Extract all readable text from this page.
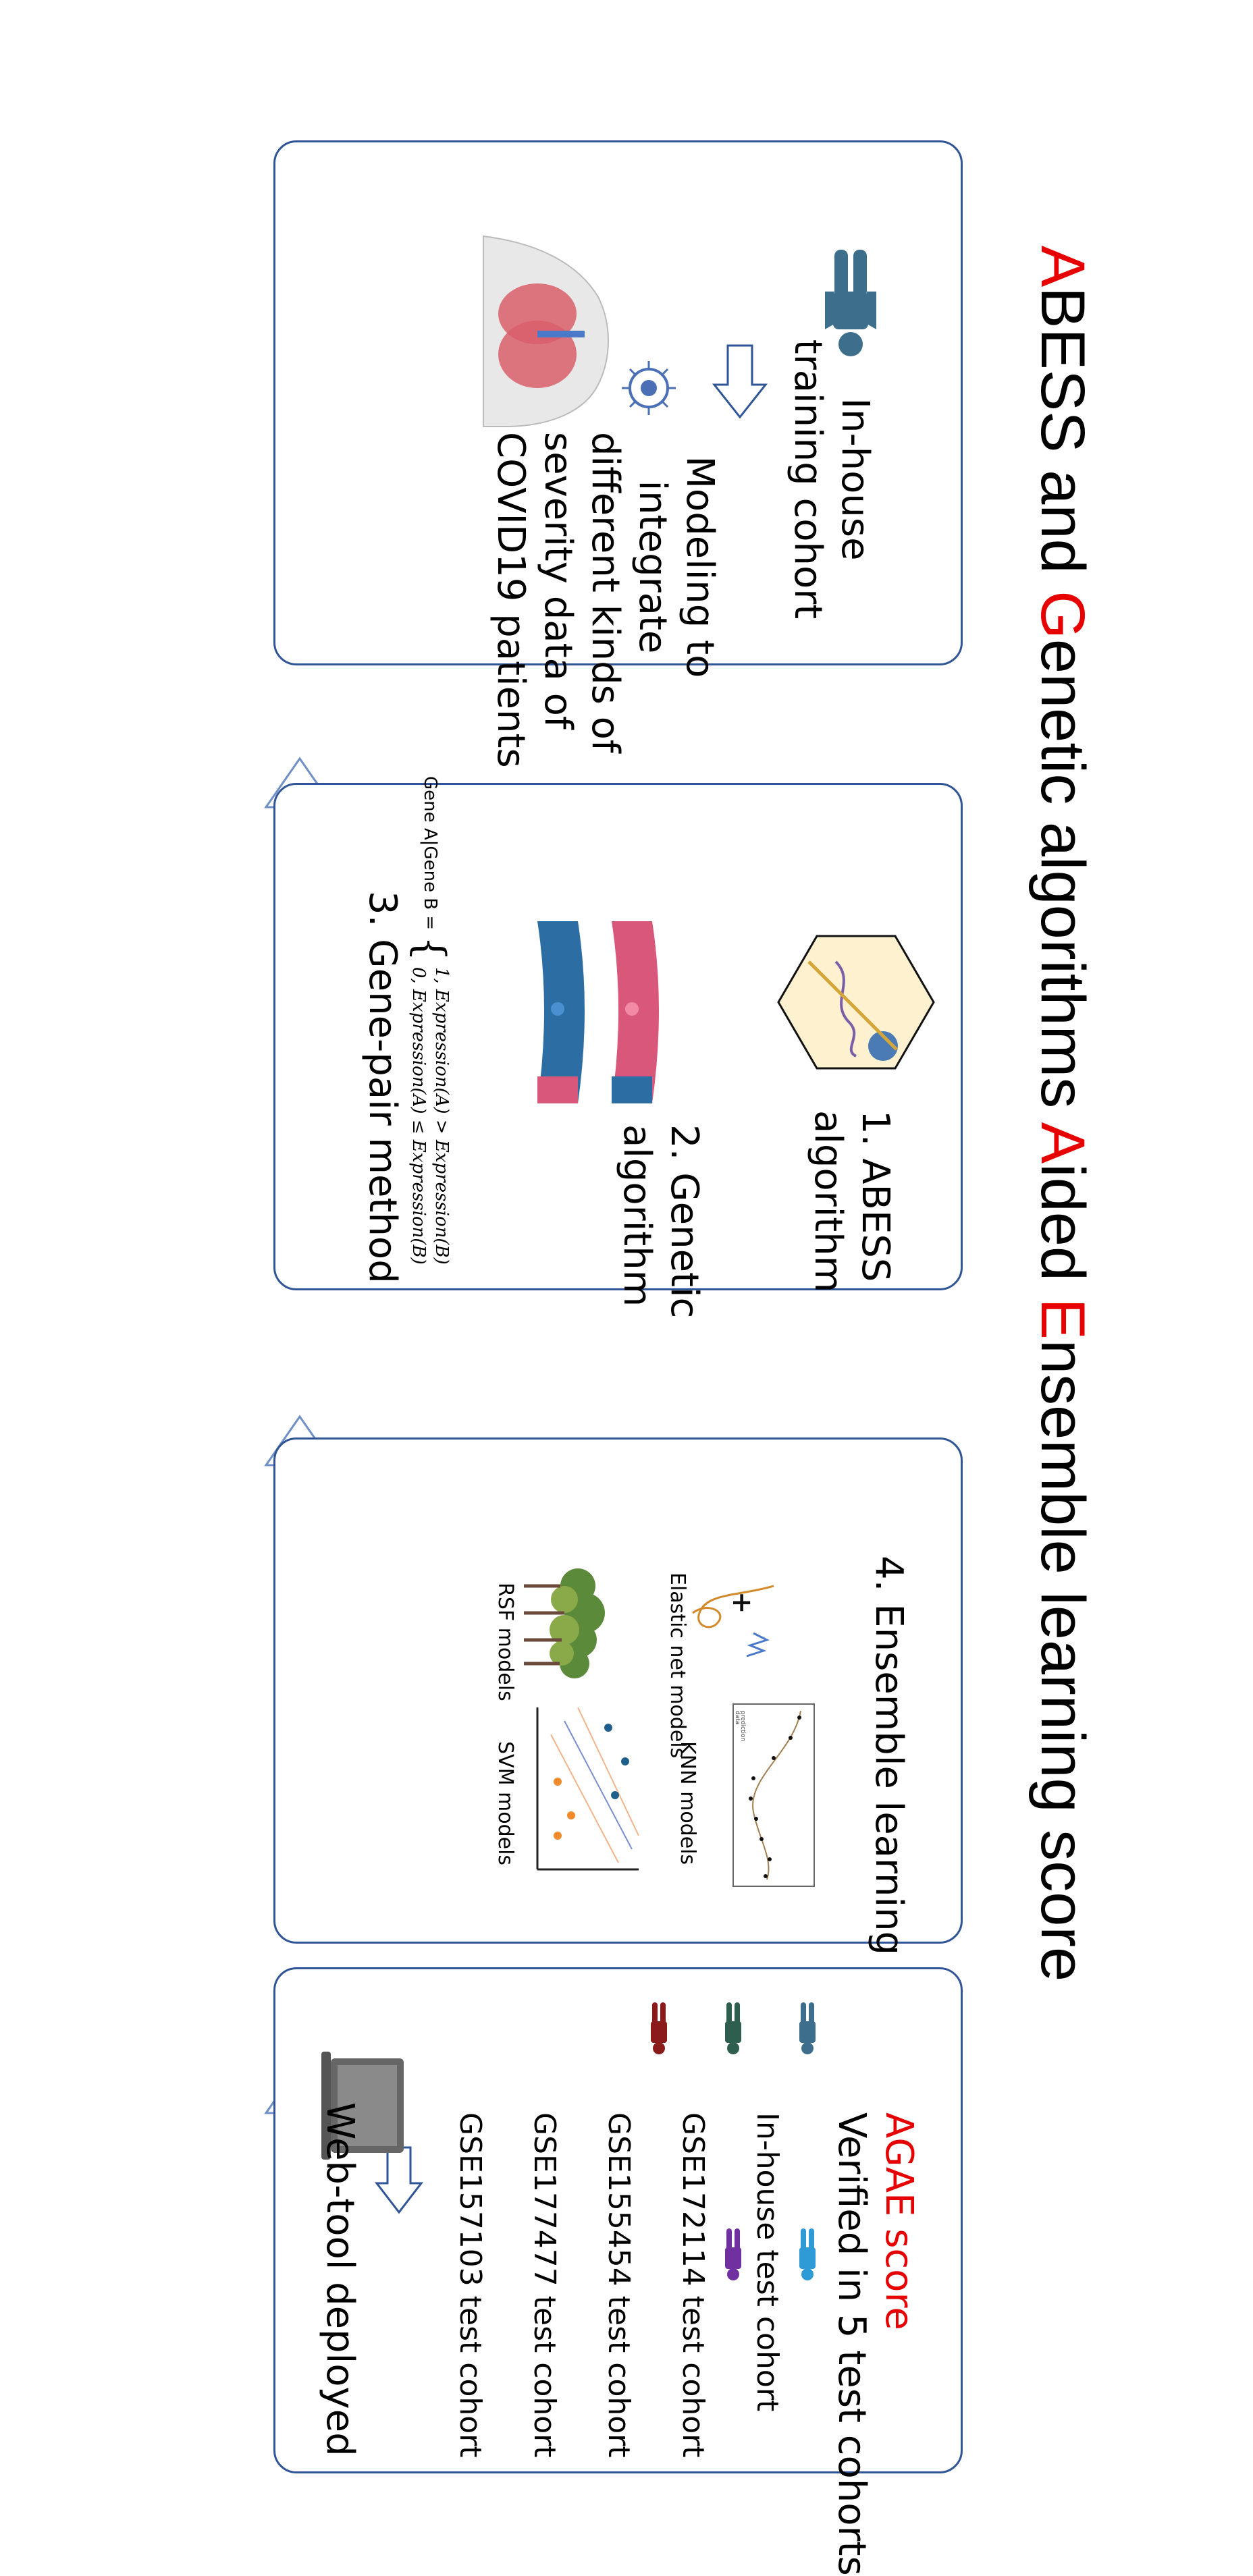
ABESS and Genetic algorithms Aided Ensemble learning score
In-house
training cohort
Modeling to
integrate
different kinds of
severity data of
COVID19 patients
1. ABESS
algorithm
2. Genetic
algorithm
Gene A|Gene B = {
1, Expression(A) > Expression(B)
0, Expression(A) ≤ Expression(B)
3. Gene-pair method
4. Ensemble learning
prediction
data
KNN models
SVM models
+
Elastic net models
RSF models
AGAE score
Verified in 5 test cohorts
In-house test cohort
GSE172114 test cohort
GSE155454 test cohort
GSE177477 test cohort
GSE157103 test cohort
Web-tool deployed
